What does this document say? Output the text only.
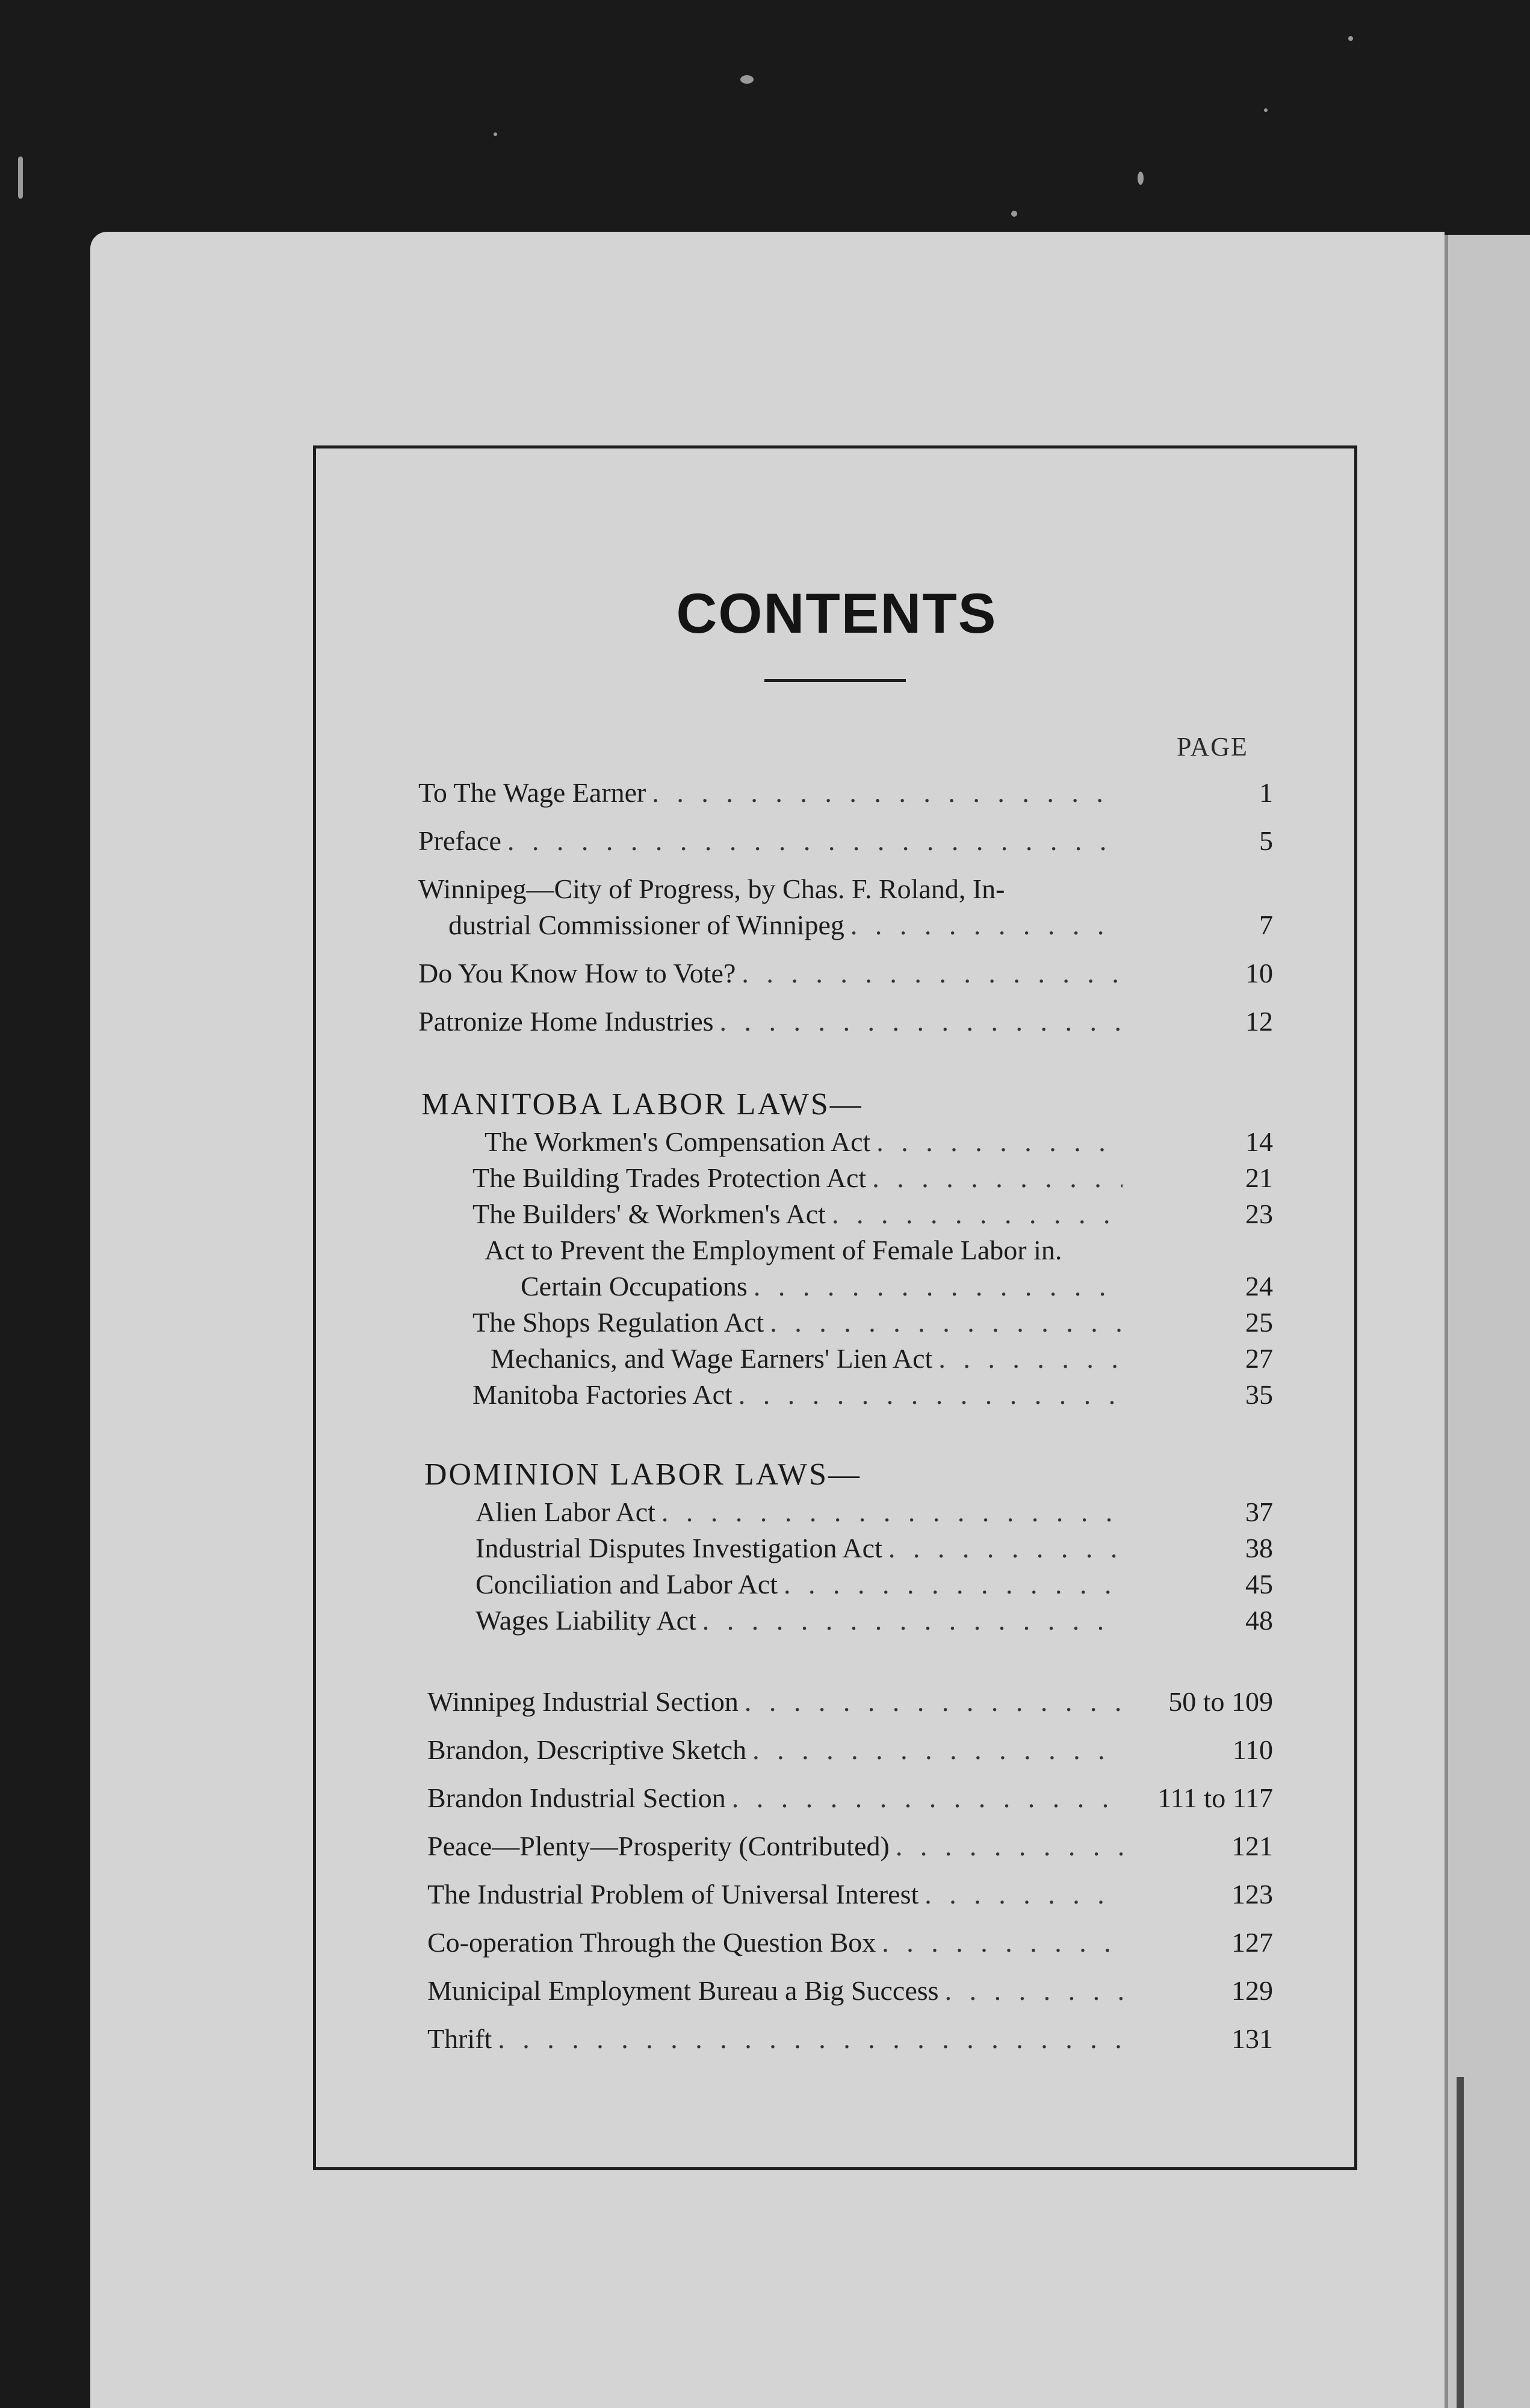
CONTENTS
PAGE
To The Wage Earner . . .	1
Preface . . .	5
Winnipeg—City of Progress, by Chas. F. Roland, In-
dustrial Commissioner of Winnipeg . . .	7
Do You Know How to Vote? . . .	10
Patronize Home Industries . . .	12
MANITOBA LABOR LAWS—
The Workmen's Compensation Act . . .	14
The Building Trades Protection Act . . .	21
The Builders' & Workmen's Act . . .	23
Act to Prevent the Employment of Female Labor in.
Certain Occupations . . .	24
The Shops Regulation Act . . .	25
Mechanics, and Wage Earners' Lien Act . . .	27
Manitoba Factories Act . . .	35
DOMINION LABOR LAWS—
Alien Labor Act . . .	37
Industrial Disputes Investigation Act . . .	38
Conciliation and Labor Act . . .	45
Wages Liability Act . . .	48
Winnipeg Industrial Section . . .	50 to 109
Brandon, Descriptive Sketch . . .	110
Brandon Industrial Section . . .	111 to 117
Peace—Plenty—Prosperity (Contributed) . . .	121
The Industrial Problem of Universal Interest . . .	123
Co-operation Through the Question Box . . .	127
Municipal Employment Bureau a Big Success . . .	129
Thrift . . .	131
